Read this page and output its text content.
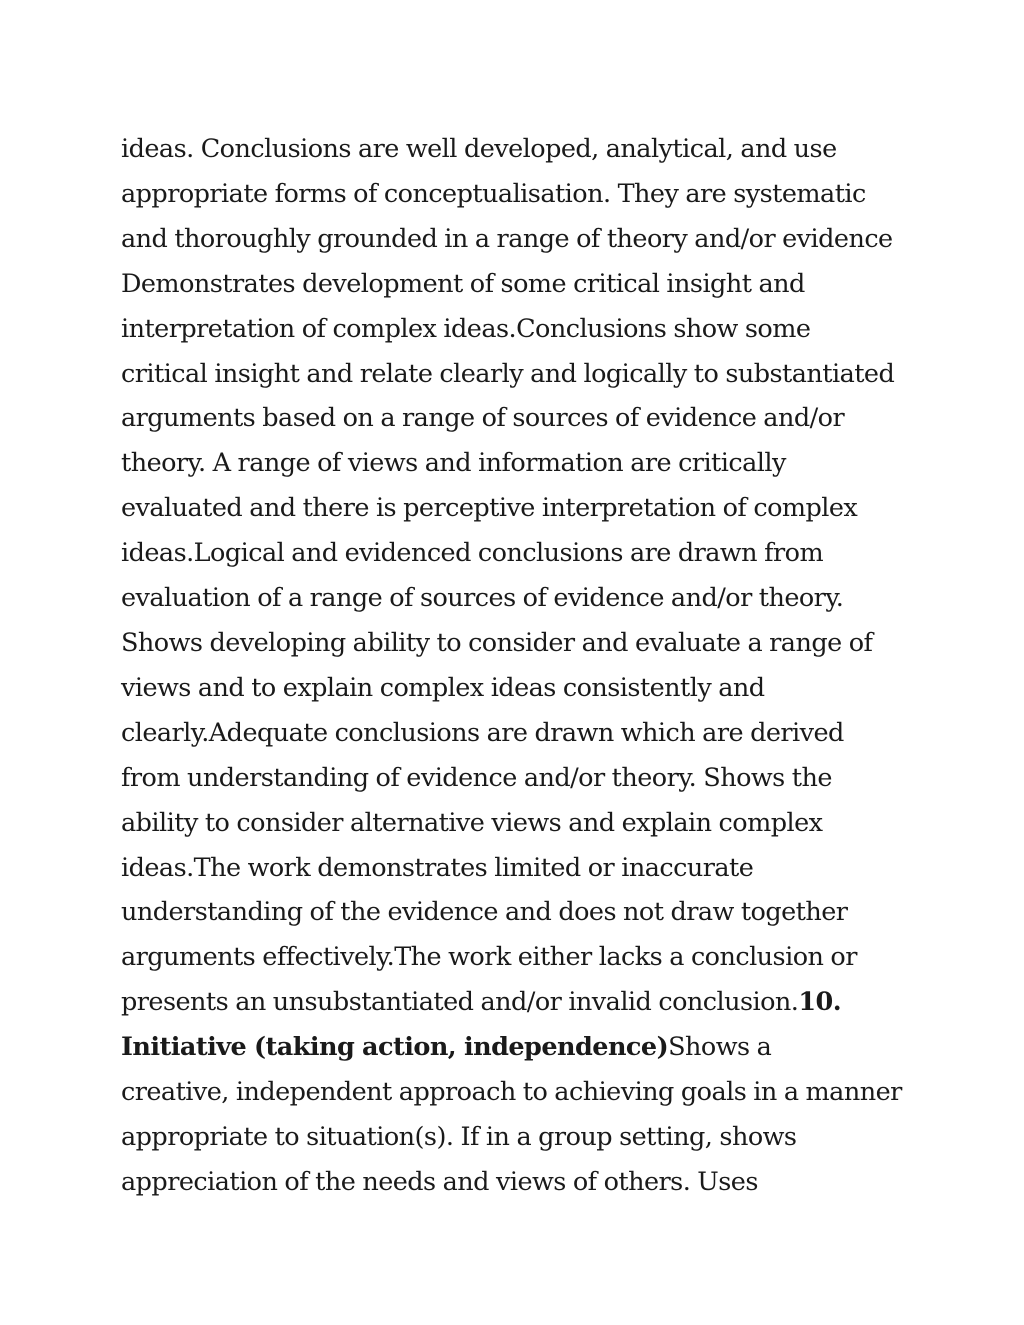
ideas. Conclusions are well developed, analytical, and use
appropriate forms of conceptualisation. They are systematic
and thoroughly grounded in a range of theory and/or evidence
Demonstrates development of some critical insight and
interpretation of complex ideas.Conclusions show some
critical insight and relate clearly and logically to substantiated
arguments based on a range of sources of evidence and/or
theory. A range of views and information are critically
evaluated and there is perceptive interpretation of complex
ideas.Logical and evidenced conclusions are drawn from
evaluation of a range of sources of evidence and/or theory.
Shows developing ability to consider and evaluate a range of
views and to explain complex ideas consistently and
clearly.Adequate conclusions are drawn which are derived
from understanding of evidence and/or theory. Shows the
ability to consider alternative views and explain complex
ideas.The work demonstrates limited or inaccurate
understanding of the evidence and does not draw together
arguments effectively.The work either lacks a conclusion or
presents an unsubstantiated and/or invalid conclusion.10.
Initiative (taking action, independence)Shows a
creative, independent approach to achieving goals in a manner
appropriate to situation(s). If in a group setting, shows
appreciation of the needs and views of others. Uses
